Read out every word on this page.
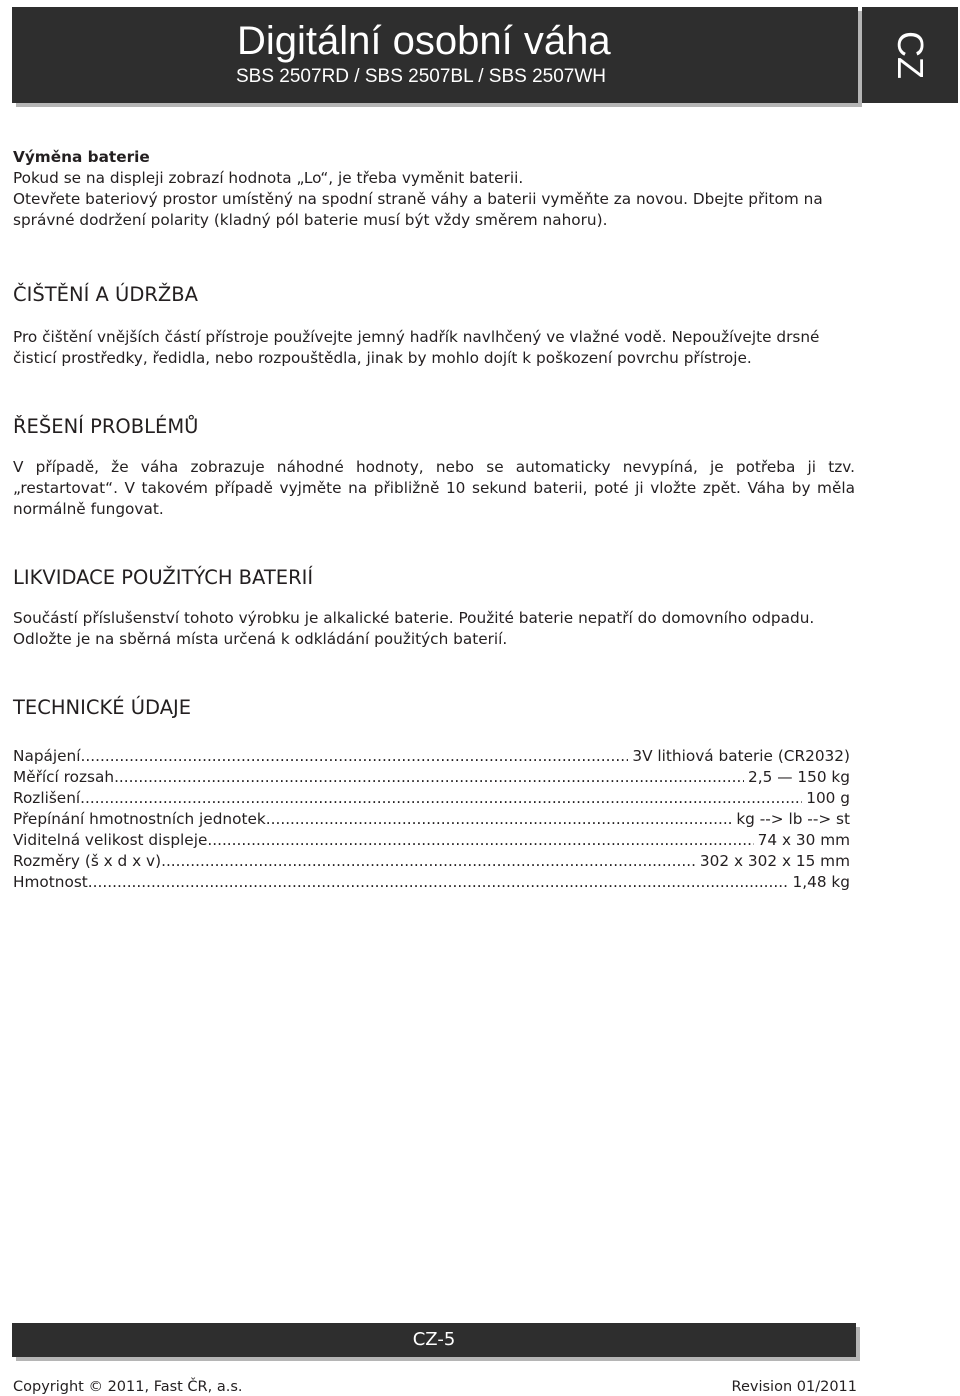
Digitální osobní váha
SBS 2507RD / SBS 2507BL / SBS 2507WH	CZ

Výměna baterie

Pokud se na displeji zobrazí hodnota „Lo“, je třeba vyměnit baterii.

Otevřete bateriový prostor umístěný na spodní straně váhy a baterii vyměňte za novou. Dbejte přitom na správné dodržení polarity (kladný pól baterie musí být vždy směrem nahoru).

ČIŠTĚNÍ A ÚDRŽBA

Pro čištění vnějších částí přístroje používejte jemný hadřík navlhčený ve vlažné vodě. Nepoužívejte drsné čisticí prostředky, ředidla, nebo rozpouštědla, jinak by mohlo dojít k poškození povrchu přístroje.

ŘEŠENÍ PROBLÉMŮ

V případě, že váha zobrazuje náhodné hodnoty, nebo se automaticky nevypíná, je potřeba ji tzv. „restartovat“. V takovém případě vyjměte na přibližně 10 sekund baterii, poté ji vložte zpět. Váha by měla normálně fungovat.

LIKVIDACE POUŽITÝCH BATERIÍ

Součástí příslušenství tohoto výrobku je alkalické baterie. Použité baterie nepatří do domovního odpadu.

Odložte je na sběrná místa určená k odkládání použitých baterií.

TECHNICKÉ ÚDAJE
Napájení .....	3V lithiová baterie (CR2032)
Měřící rozsah .....	2,5 — 150 kg
Rozlišení .....	100 g
Přepínání hmotnostních jednotek .....	kg --> lb --> st
Viditelná velikost displeje .....	74 x 30 mm
Rozměry (š x d x v) .....	302 x 302 x 15 mm
Hmotnost .....	1,48 kg
CZ-5
Copyright © 2011, Fast ČR, a.s.	Revision 01/2011
